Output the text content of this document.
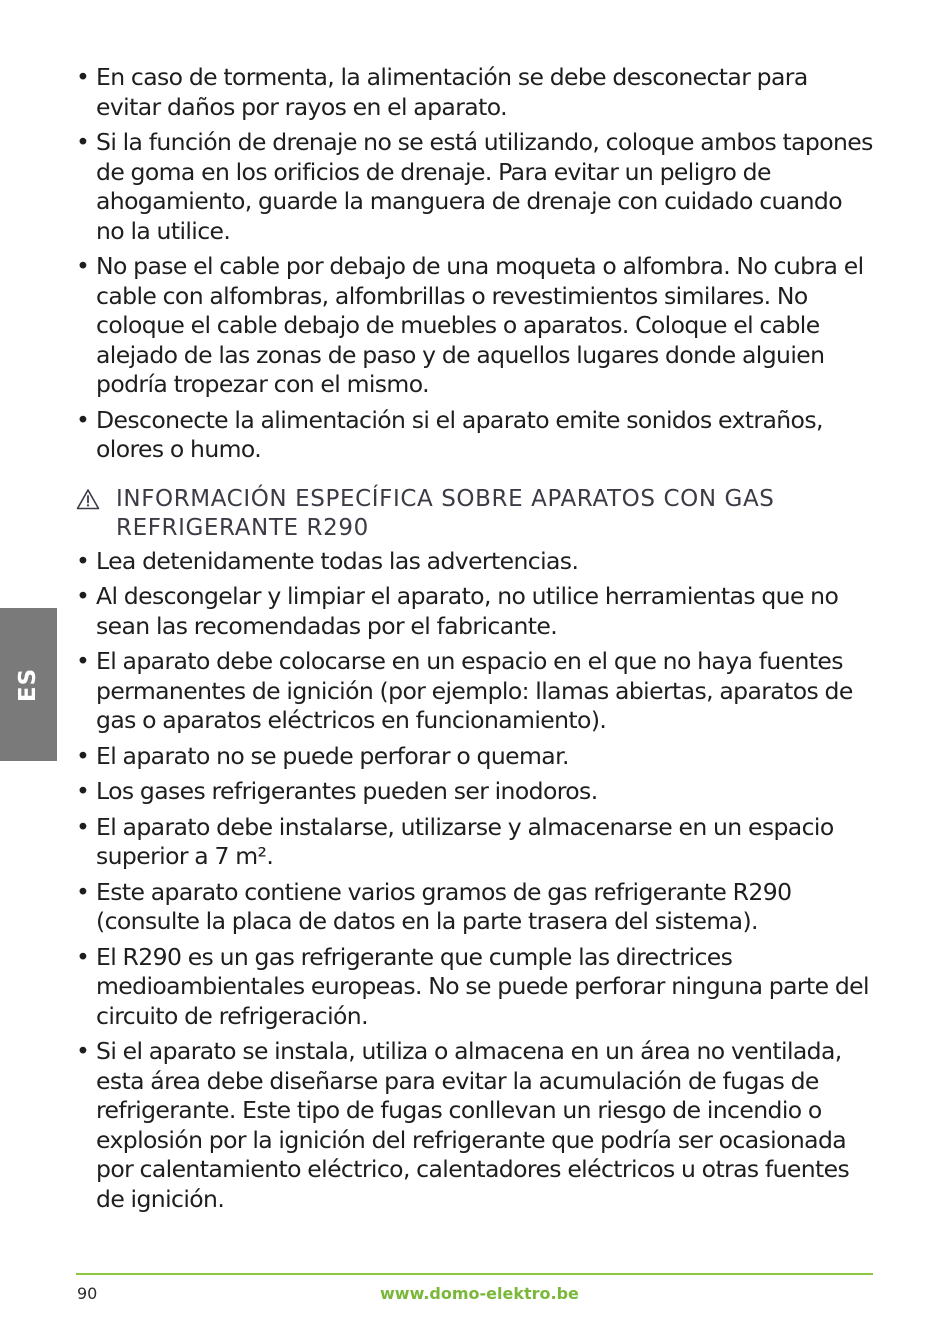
ES
• En caso de tormenta, la alimentación se debe desconectar para evitar daños por rayos en el aparato.
• Si la función de drenaje no se está utilizando, coloque ambos tapones de goma en los orificios de drenaje. Para evitar un peligro de ahogamiento, guarde la manguera de drenaje con cuidado cuando no la utilice.
• No pase el cable por debajo de una moqueta o alfombra. No cubra el cable con alfombras, alfombrillas o revestimientos similares. No coloque el cable debajo de muebles o aparatos. Coloque el cable alejado de las zonas de paso y de aquellos lugares donde alguien podría tropezar con el mismo.
• Desconecte la alimentación si el aparato emite sonidos extraños, olores o humo.
INFORMACIÓN ESPECÍFICA SOBRE APARATOS CON GAS REFRIGERANTE R290
• Lea detenidamente todas las advertencias.
• Al descongelar y limpiar el aparato, no utilice herramientas que no sean las recomendadas por el fabricante.
• El aparato debe colocarse en un espacio en el que no haya fuentes permanentes de ignición (por ejemplo: llamas abiertas, aparatos de gas o aparatos eléctricos en funcionamiento).
• El aparato no se puede perforar o quemar.
• Los gases refrigerantes pueden ser inodoros.
• El aparato debe instalarse, utilizarse y almacenarse en un espacio superior a 7 m².
• Este aparato contiene varios gramos de gas refrigerante R290 (consulte la placa de datos en la parte trasera del sistema).
• El R290 es un gas refrigerante que cumple las directrices medioambientales europeas. No se puede perforar ninguna parte del circuito de refrigeración.
• Si el aparato se instala, utiliza o almacena en un área no ventilada, esta área debe diseñarse para evitar la acumulación de fugas de refrigerante. Este tipo de fugas conllevan un riesgo de incendio o explosión por la ignición del refrigerante que podría ser ocasionada por calentamiento eléctrico, calentadores eléctricos u otras fuentes de ignición.
90	www.domo-elektro.be
